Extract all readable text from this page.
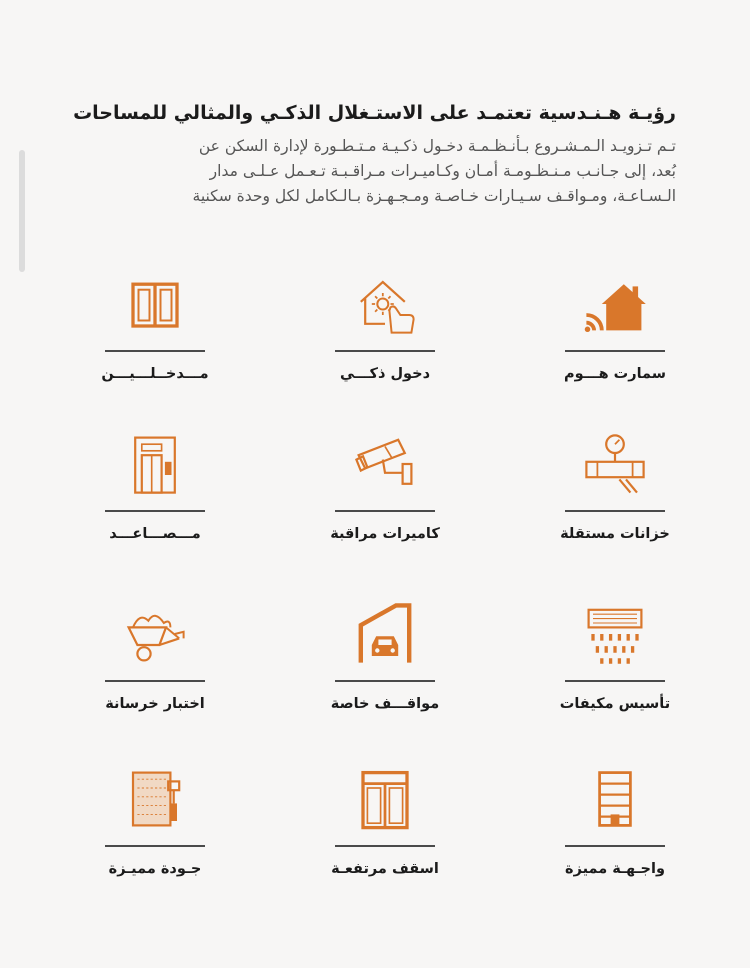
رؤيـة هـنـدسية تعتمـد على الاستـغلال الذكـي والمثالي للمساحات

تـم تـزويـد الـمـشـروع بـأنـظـمـة دخـول ذكـيـة مـتـطـورة لإدارة السكن عن
بُعد، إلى جـانـب مـنـظـومـة أمـان وكـاميـرات مـراقـبـة تـعـمل عـلـى مدار
الـسـاعـة، ومـواقـف سـيـارات خـاصـة ومـجـهـزة بـالـكامل لكل وحدة سكنية

سمارت هـــوم
دخول ذكـــي
مـــدخــلـــيـــن
خزانات مستقلة
كاميرات مراقبة
مـــصـــاعـــد
تأسيس مكيفات
مواقـــف خاصة
اختبار خرسانة
واجـهـة مميزة
اسقف مرتفعـة
جـودة مميـزة
